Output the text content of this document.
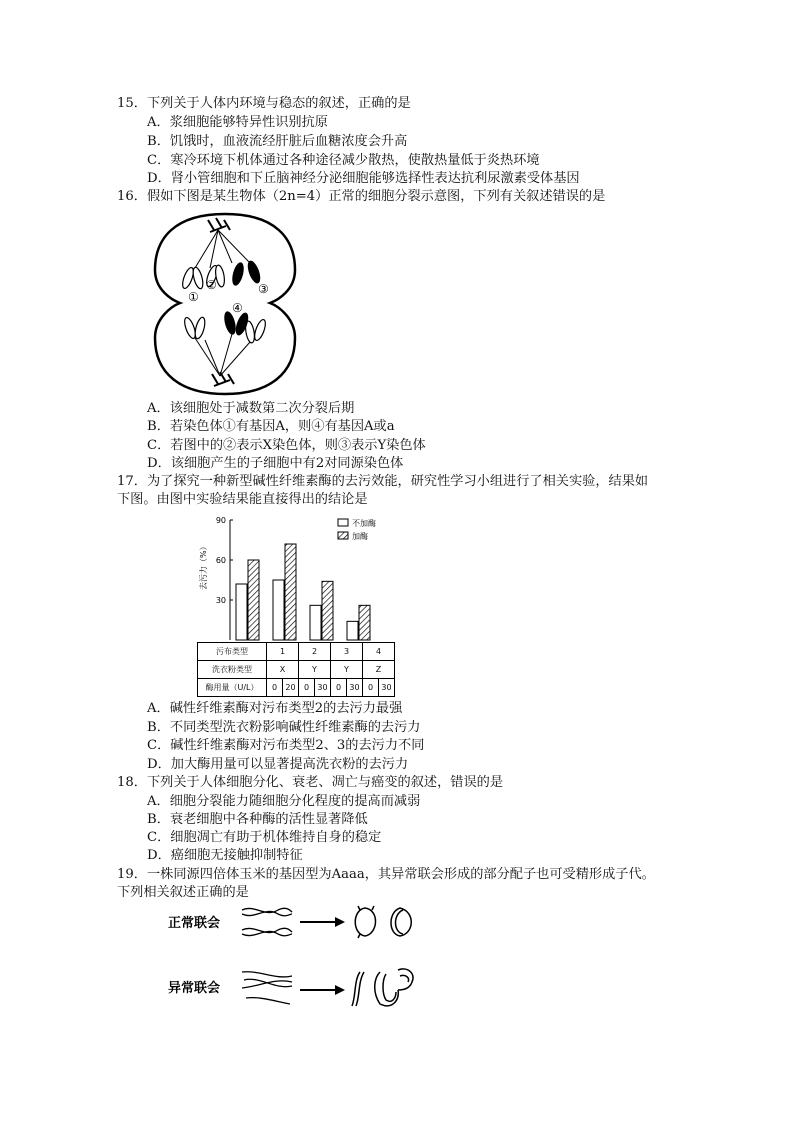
15．下列关于人体内环境与稳态的叙述，正确的是
A．浆细胞能够特异性识别抗原
B．饥饿时，血液流经肝脏后血糖浓度会升高
C．寒冷环境下机体通过各种途径减少散热，使散热量低于炎热环境
D．肾小管细胞和下丘脑神经分泌细胞能够选择性表达抗利尿激素受体基因
16．假如下图是某生物体（2n=4）正常的细胞分裂示意图，下列有关叙述错误的是
①
②	③
④
A．该细胞处于减数第二次分裂后期
B．若染色体①有基因A，则④有基因A或a
C．若图中的②表示X染色体，则③表示Y染色体
D．该细胞产生的子细胞中有2对同源染色体
17．为了探究一种新型碱性纤维素酶的去污效能，研究性学习小组进行了相关实验，结果如
下图。由图中实验结果能直接得出的结论是
去污力（%）
90
60
30
不加酶
加酶
污布类型	1		2		3		4	
洗衣粉类型	X		Y		Y		Z	
酶用量（U/L）	0	20	0	30	0	30	0	30
A．碱性纤维素酶对污布类型2的去污力最强
B．不同类型洗衣粉影响碱性纤维素酶的去污力
C．碱性纤维素酶对污布类型2、3的去污力不同
D．加大酶用量可以显著提高洗衣粉的去污力
18．下列关于人体细胞分化、衰老、凋亡与癌变的叙述，错误的是
A．细胞分裂能力随细胞分化程度的提高而减弱
B．衰老细胞中各种酶的活性显著降低
C．细胞凋亡有助于机体维持自身的稳定
D．癌细胞无接触抑制特征
19．一株同源四倍体玉米的基因型为Aaaa，其异常联会形成的部分配子也可受精形成子代。
下列相关叙述正确的是
正常联会
异常联会
